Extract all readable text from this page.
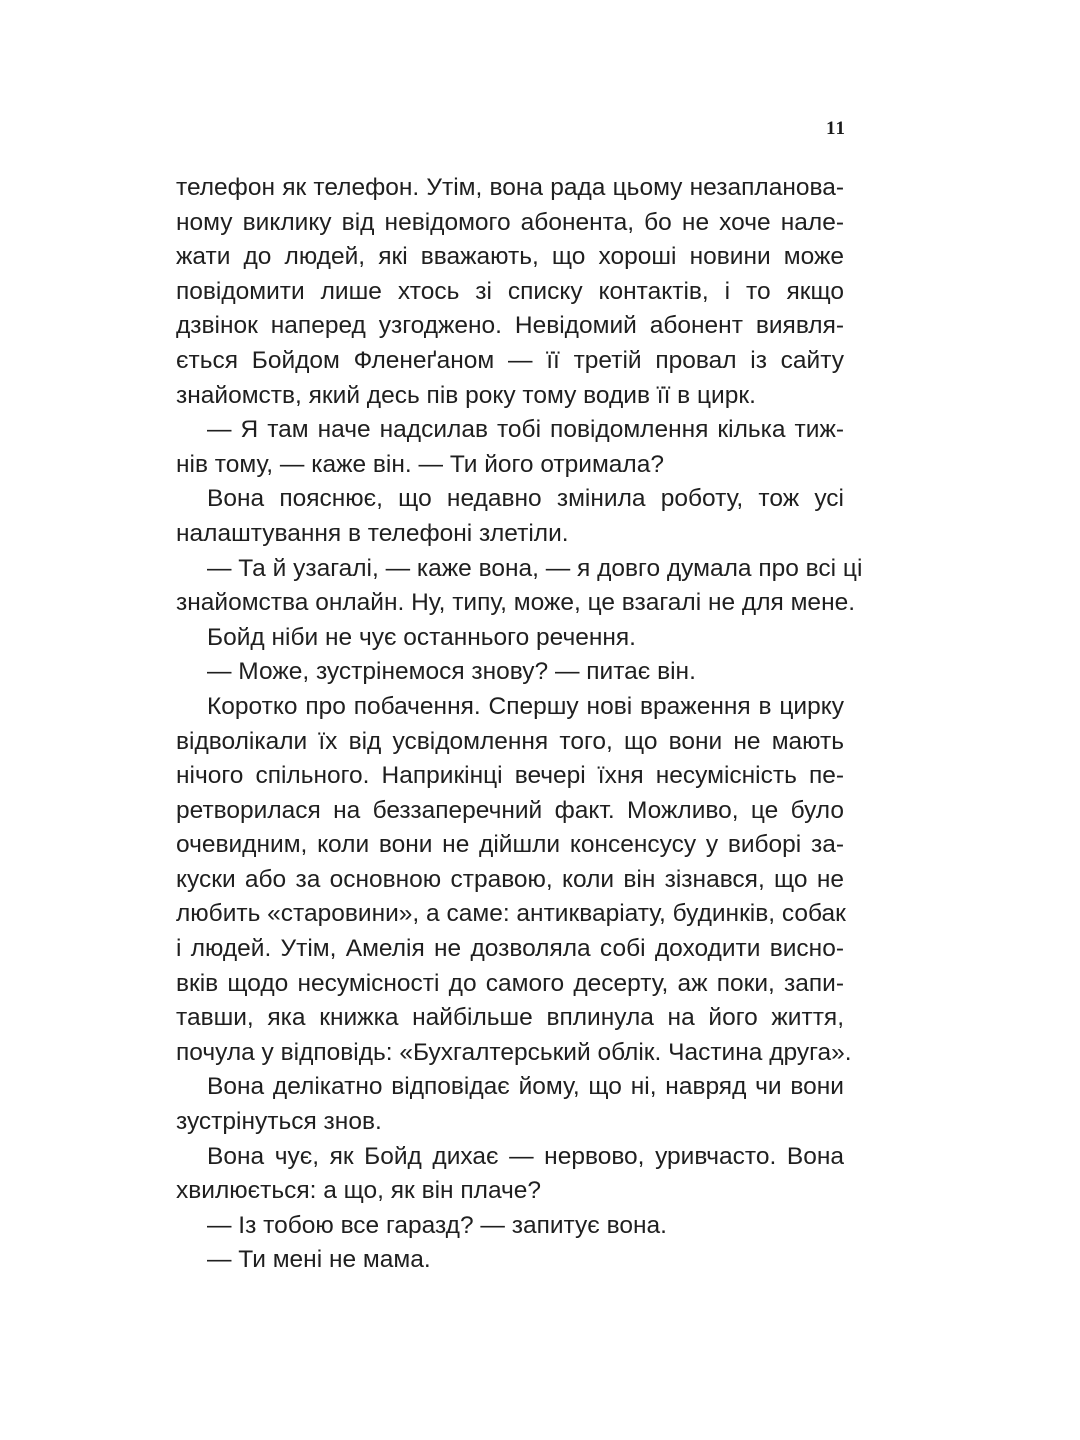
11
телефон як телефон. Утім, вона рада цьому незапланова-
ному виклику від невідомого абонента, бо не хоче нале-
жати до людей, які вважають, що хороші новини може
повідомити лише хтось зі списку контактів, і то якщо
дзвінок наперед узгоджено. Невідомий абонент виявля-
ється Бойдом Фленеґаном — її третій провал із сайту
знайомств, який десь пів року тому водив її в цирк.
— Я там наче надсилав тобі повідомлення кілька тиж-
нів тому, — каже він. — Ти його отримала?
Вона пояснює, що недавно змінила роботу, тож усі
налаштування в телефоні злетіли.
— Та й узагалі, — каже вона, — я довго думала про всі ці
знайомства онлайн. Ну, типу, може, це взагалі не для мене.
Бойд ніби не чує останнього речення.
— Може, зустрінемося знову? — питає він.
Коротко про побачення. Спершу нові враження в цирку
відволікали їх від усвідомлення того, що вони не мають
нічого спільного. Наприкінці вечері їхня несумісність пе-
ретворилася на беззаперечний факт. Можливо, це було
очевидним, коли вони не дійшли консенсусу у виборі за-
куски або за основною стравою, коли він зізнався, що не
любить «старовини», а саме: антикваріату, будинків, собак
і людей. Утім, Амелія не дозволяла собі доходити висно-
вків щодо несумісності до самого десерту, аж поки, запи-
тавши, яка книжка найбільше вплинула на його життя,
почула у відповідь: «Бухгалтерський облік. Частина друга».
Вона делікатно відповідає йому, що ні, навряд чи вони
зустрінуться знов.
Вона чує, як Бойд дихає — нервово, уривчасто. Вона
хвилюється: а що, як він плаче?
— Із тобою все гаразд? — запитує вона.
— Ти мені не мама.
